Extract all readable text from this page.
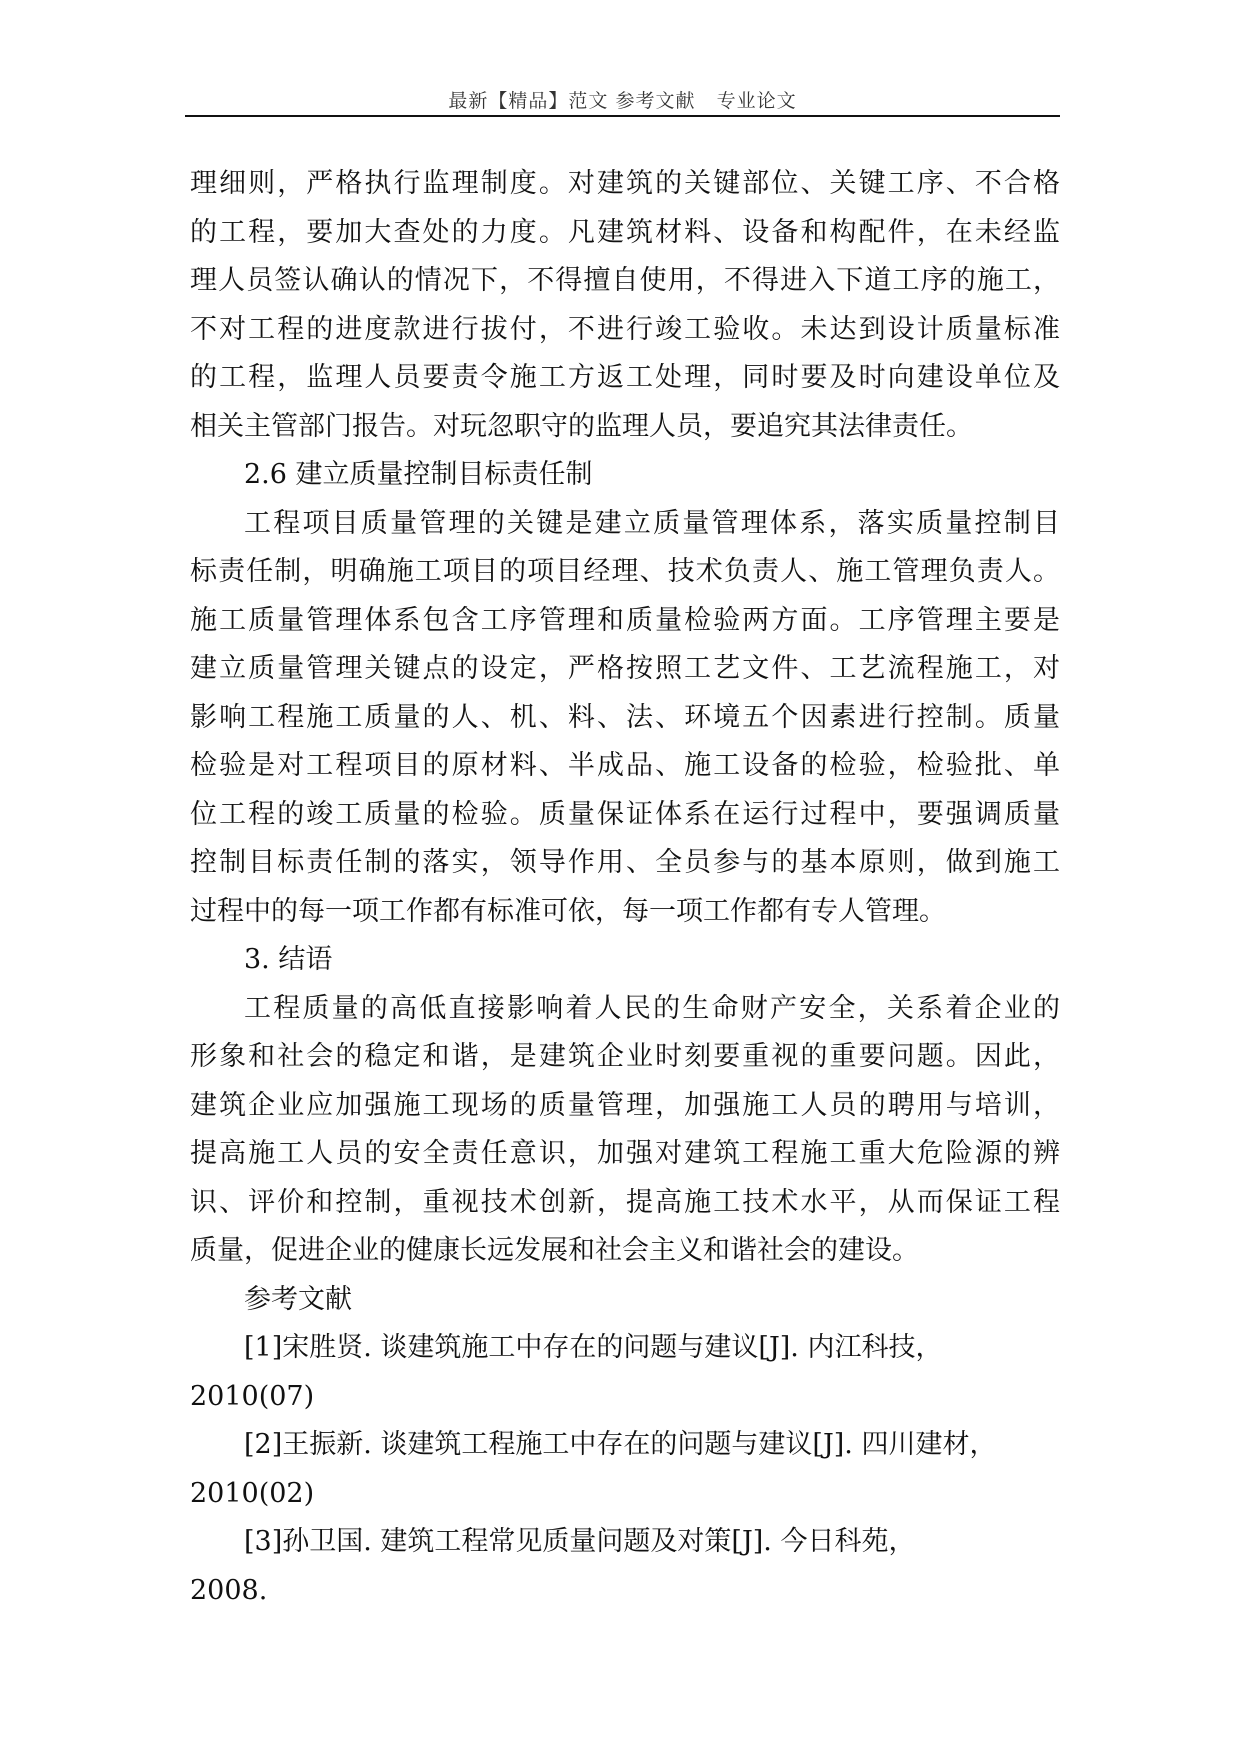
最新【精品】范文 参考文献   专业论文
理细则，严格执行监理制度。对建筑的关键部位、关键工序、不合格
的工程，要加大查处的力度。凡建筑材料、设备和构配件，在未经监
理人员签认确认的情况下，不得擅自使用，不得进入下道工序的施工，
不对工程的进度款进行拔付，不进行竣工验收。未达到设计质量标准
的工程，监理人员要责令施工方返工处理，同时要及时向建设单位及
相关主管部门报告。对玩忽职守的监理人员，要追究其法律责任。
2.6 建立质量控制目标责任制
工程项目质量管理的关键是建立质量管理体系，落实质量控制目
标责任制，明确施工项目的项目经理、技术负责人、施工管理负责人。
施工质量管理体系包含工序管理和质量检验两方面。工序管理主要是
建立质量管理关键点的设定，严格按照工艺文件、工艺流程施工，对
影响工程施工质量的人、机、料、法、环境五个因素进行控制。质量
检验是对工程项目的原材料、半成品、施工设备的检验，检验批、单
位工程的竣工质量的检验。质量保证体系在运行过程中，要强调质量
控制目标责任制的落实，领导作用、全员参与的基本原则，做到施工
过程中的每一项工作都有标准可依，每一项工作都有专人管理。
3. 结语
工程质量的高低直接影响着人民的生命财产安全，关系着企业的
形象和社会的稳定和谐，是建筑企业时刻要重视的重要问题。因此，
建筑企业应加强施工现场的质量管理，加强施工人员的聘用与培训，
提高施工人员的安全责任意识，加强对建筑工程施工重大危险源的辨
识、评价和控制，重视技术创新，提高施工技术水平，从而保证工程
质量，促进企业的健康长远发展和社会主义和谐社会的建设。
参考文献
[1]宋胜贤. 谈建筑施工中存在的问题与建议[J]. 内江科技，
2010(07)
[2]王振新. 谈建筑工程施工中存在的问题与建议[J]. 四川建材，
2010(02)
[3]孙卫国. 建筑工程常见质量问题及对策[J]. 今日科苑，
2008.
